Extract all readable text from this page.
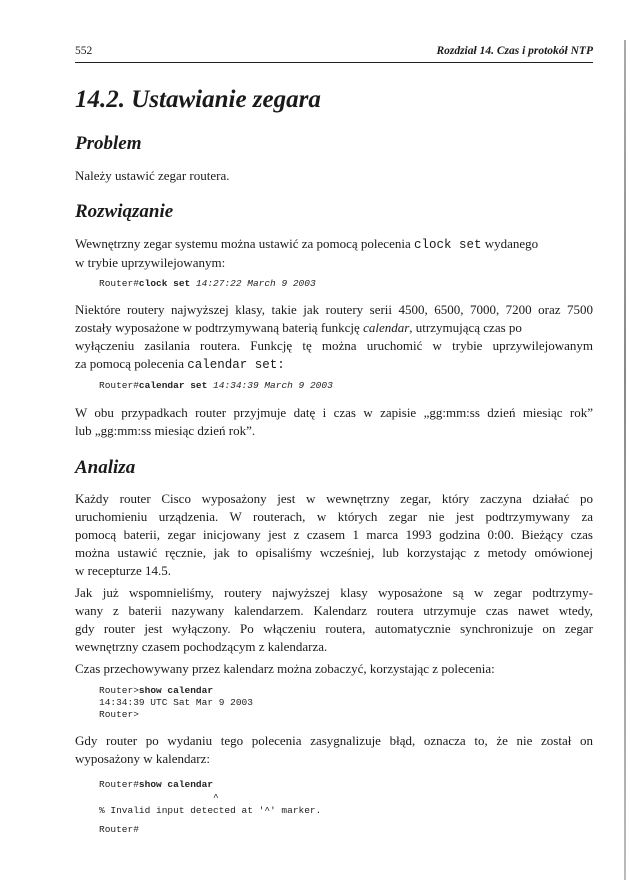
552	Rozdział 14. Czas i protokół NTP
14.2. Ustawianie zegara
Problem

Należy ustawić zegar routera.

Rozwiązanie

Wewnętrzny zegar systemu można ustawić za pomocą polecenia clock set wydanego
w trybie uprzywilejowanym:

Router#clock set 14:27:22 March 9 2003

Niektóre routery najwyższej klasy, takie jak routery serii 4500, 6500, 7000, 7200 oraz 7500
zostały wyposażone w podtrzymywaną baterią funkcję calendar, utrzymującą czas po
wyłączeniu zasilania routera. Funkcję tę można uruchomić w trybie uprzywilejowanym
za pomocą polecenia calendar set:

Router#calendar set 14:34:39 March 9 2003

W obu przypadkach router przyjmuje datę i czas w zapisie „gg:mm:ss dzień miesiąc rok”
lub „gg:mm:ss miesiąc dzień rok”.

Analiza

Każdy router Cisco wyposażony jest w wewnętrzny zegar, który zaczyna działać po
uruchomieniu urządzenia. W routerach, w których zegar nie jest podtrzymywany za
pomocą baterii, zegar inicjowany jest z czasem 1 marca 1993 godzina 0:00. Bieżący czas
można ustawić ręcznie, jak to opisaliśmy wcześniej, lub korzystając z metody omówionej
w recepturze 14.5.

Jak już wspomnieliśmy, routery najwyższej klasy wyposażone są w zegar podtrzymy-
wany z baterii nazywany kalendarzem. Kalendarz routera utrzymuje czas nawet wtedy,
gdy router jest wyłączony. Po włączeniu routera, automatycznie synchronizuje on zegar
wewnętrzny czasem pochodzącym z kalendarza.

Czas przechowywany przez kalendarz można zobaczyć, korzystając z polecenia:

Router>show calendar
14:34:39 UTC Sat Mar 9 2003
Router>

Gdy router po wydaniu tego polecenia zasygnalizuje błąd, oznacza to, że nie został on
wyposażony w kalendarz:

Router#show calendar
^
% Invalid input detected at '^' marker.
Router#
